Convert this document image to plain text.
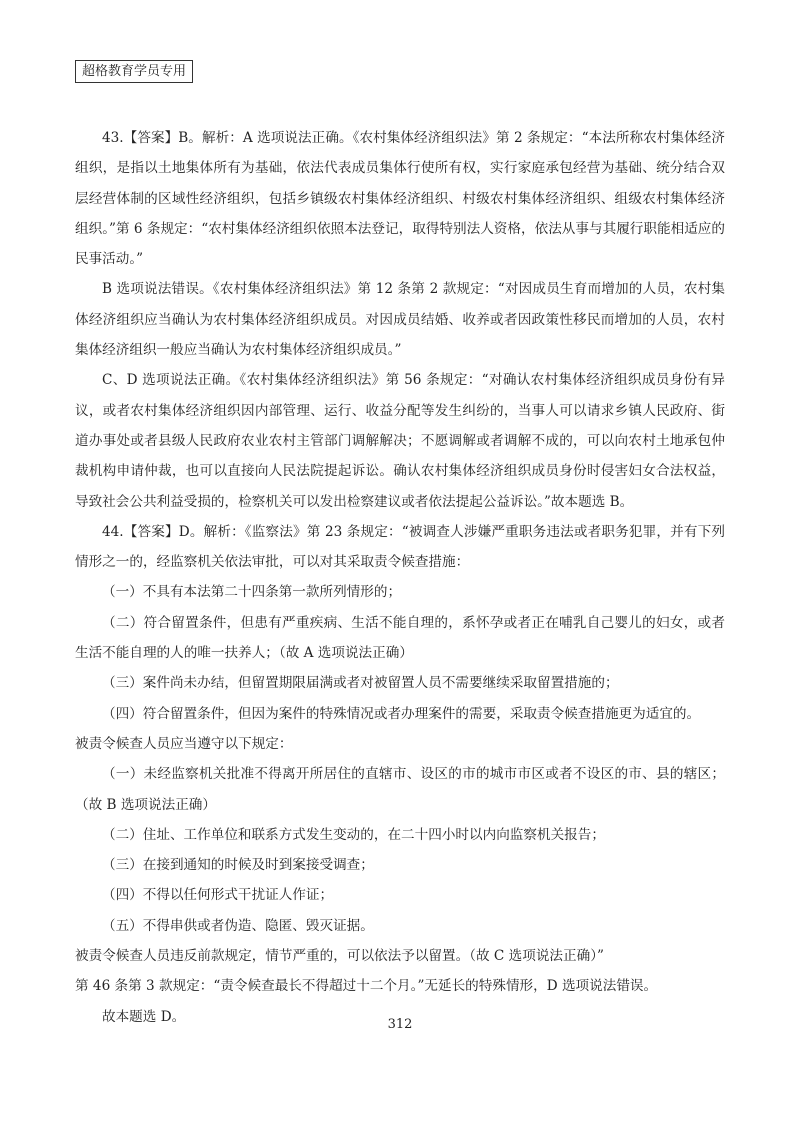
超格教育学员专用

43.【答案】B。解析：A 选项说法正确。《农村集体经济组织法》第 2 条规定：“本法所称农村集体经济组织，是指以土地集体所有为基础，依法代表成员集体行使所有权，实行家庭承包经营为基础、统分结合双层经营体制的区域性经济组织，包括乡镇级农村集体经济组织、村级农村集体经济组织、组级农村集体经济组织。”第 6 条规定：“农村集体经济组织依照本法登记，取得特别法人资格，依法从事与其履行职能相适应的民事活动。”

B 选项说法错误。《农村集体经济组织法》第 12 条第 2 款规定：“对因成员生育而增加的人员，农村集体经济组织应当确认为农村集体经济组织成员。对因成员结婚、收养或者因政策性移民而增加的人员，农村集体经济组织一般应当确认为农村集体经济组织成员。”

C、D 选项说法正确。《农村集体经济组织法》第 56 条规定：“对确认农村集体经济组织成员身份有异议，或者农村集体经济组织因内部管理、运行、收益分配等发生纠纷的，当事人可以请求乡镇人民政府、街道办事处或者县级人民政府农业农村主管部门调解解决；不愿调解或者调解不成的，可以向农村土地承包仲裁机构申请仲裁，也可以直接向人民法院提起诉讼。确认农村集体经济组织成员身份时侵害妇女合法权益，导致社会公共利益受损的，检察机关可以发出检察建议或者依法提起公益诉讼。”故本题选 B。

44.【答案】D。解析：《监察法》第 23 条规定：“被调查人涉嫌严重职务违法或者职务犯罪，并有下列情形之一的，经监察机关依法审批，可以对其采取责令候查措施：

（一）不具有本法第二十四条第一款所列情形的；

（二）符合留置条件，但患有严重疾病、生活不能自理的，系怀孕或者正在哺乳自己婴儿的妇女，或者生活不能自理的人的唯一扶养人；（故 A 选项说法正确）

（三）案件尚未办结，但留置期限届满或者对被留置人员不需要继续采取留置措施的；

（四）符合留置条件，但因为案件的特殊情况或者办理案件的需要，采取责令候查措施更为适宜的。

被责令候查人员应当遵守以下规定：

（一）未经监察机关批准不得离开所居住的直辖市、设区的市的城市市区或者不设区的市、县的辖区；（故 B 选项说法正确）

（二）住址、工作单位和联系方式发生变动的，在二十四小时以内向监察机关报告；

（三）在接到通知的时候及时到案接受调查；

（四）不得以任何形式干扰证人作证；

（五）不得串供或者伪造、隐匿、毁灭证据。

被责令候查人员违反前款规定，情节严重的，可以依法予以留置。（故 C 选项说法正确）”

第 46 条第 3 款规定：“责令候查最长不得超过十二个月。”无延长的特殊情形，D 选项说法错误。

故本题选 D。	312
